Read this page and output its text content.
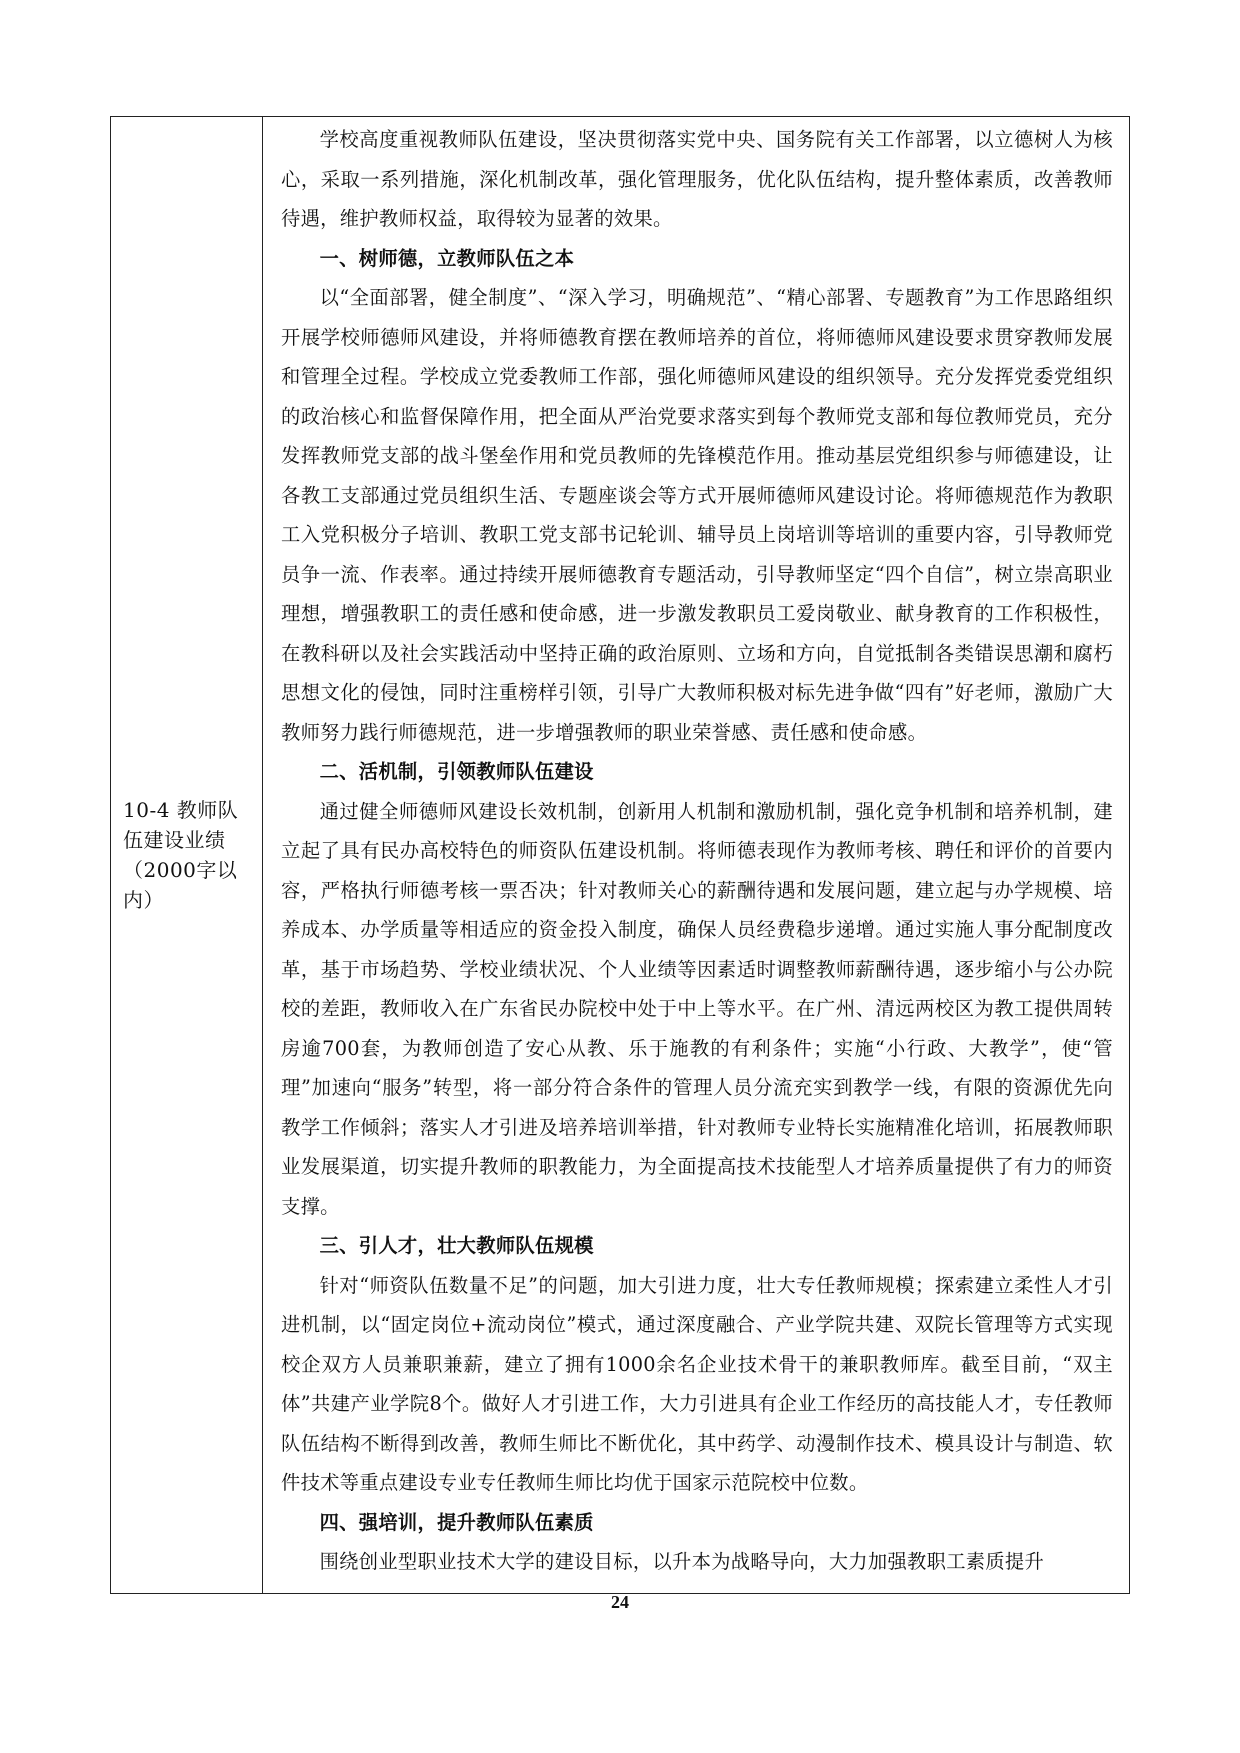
10-4 教师队伍建设业绩（2000字以内）

学校高度重视教师队伍建设，坚决贯彻落实党中央、国务院有关工作部署，以立德树人为核心，采取一系列措施，深化机制改革，强化管理服务，优化队伍结构，提升整体素质，改善教师待遇，维护教师权益，取得较为显著的效果。

一、树师德，立教师队伍之本

以“全面部署，健全制度”、“深入学习，明确规范”、“精心部署、专题教育”为工作思路组织开展学校师德师风建设，并将师德教育摆在教师培养的首位，将师德师风建设要求贯穿教师发展和管理全过程。学校成立党委教师工作部，强化师德师风建设的组织领导。充分发挥党委党组织的政治核心和监督保障作用，把全面从严治党要求落实到每个教师党支部和每位教师党员，充分发挥教师党支部的战斗堡垒作用和党员教师的先锋模范作用。推动基层党组织参与师德建设，让各教工支部通过党员组织生活、专题座谈会等方式开展师德师风建设讨论。将师德规范作为教职工入党积极分子培训、教职工党支部书记轮训、辅导员上岗培训等培训的重要内容，引导教师党员争一流、作表率。通过持续开展师德教育专题活动，引导教师坚定“四个自信”，树立崇高职业理想，增强教职工的责任感和使命感，进一步激发教职员工爱岗敬业、献身教育的工作积极性，在教科研以及社会实践活动中坚持正确的政治原则、立场和方向，自觉抵制各类错误思潮和腐朽思想文化的侵蚀，同时注重榜样引领，引导广大教师积极对标先进争做“四有”好老师，激励广大教师努力践行师德规范，进一步增强教师的职业荣誉感、责任感和使命感。

二、活机制，引领教师队伍建设

通过健全师德师风建设长效机制，创新用人机制和激励机制，强化竞争机制和培养机制，建立起了具有民办高校特色的师资队伍建设机制。将师德表现作为教师考核、聘任和评价的首要内容，严格执行师德考核一票否决；针对教师关心的薪酬待遇和发展问题，建立起与办学规模、培养成本、办学质量等相适应的资金投入制度，确保人员经费稳步递增。通过实施人事分配制度改革，基于市场趋势、学校业绩状况、个人业绩等因素适时调整教师薪酬待遇，逐步缩小与公办院校的差距，教师收入在广东省民办院校中处于中上等水平。在广州、清远两校区为教工提供周转房逾700套，为教师创造了安心从教、乐于施教的有利条件；实施“小行政、大教学”，使“管理”加速向“服务”转型，将一部分符合条件的管理人员分流充实到教学一线，有限的资源优先向教学工作倾斜；落实人才引进及培养培训举措，针对教师专业特长实施精准化培训，拓展教师职业发展渠道，切实提升教师的职教能力，为全面提高技术技能型人才培养质量提供了有力的师资支撑。

三、引人才，壮大教师队伍规模

针对“师资队伍数量不足”的问题，加大引进力度，壮大专任教师规模；探索建立柔性人才引进机制，以“固定岗位+流动岗位”模式，通过深度融合、产业学院共建、双院长管理等方式实现校企双方人员兼职兼薪，建立了拥有1000余名企业技术骨干的兼职教师库。截至目前，“双主体”共建产业学院8个。做好人才引进工作，大力引进具有企业工作经历的高技能人才，专任教师队伍结构不断得到改善，教师生师比不断优化，其中药学、动漫制作技术、模具设计与制造、软件技术等重点建设专业专任教师生师比均优于国家示范院校中位数。

四、强培训，提升教师队伍素质

围绕创业型职业技术大学的建设目标，以升本为战略导向，大力加强教职工素质提升

24
